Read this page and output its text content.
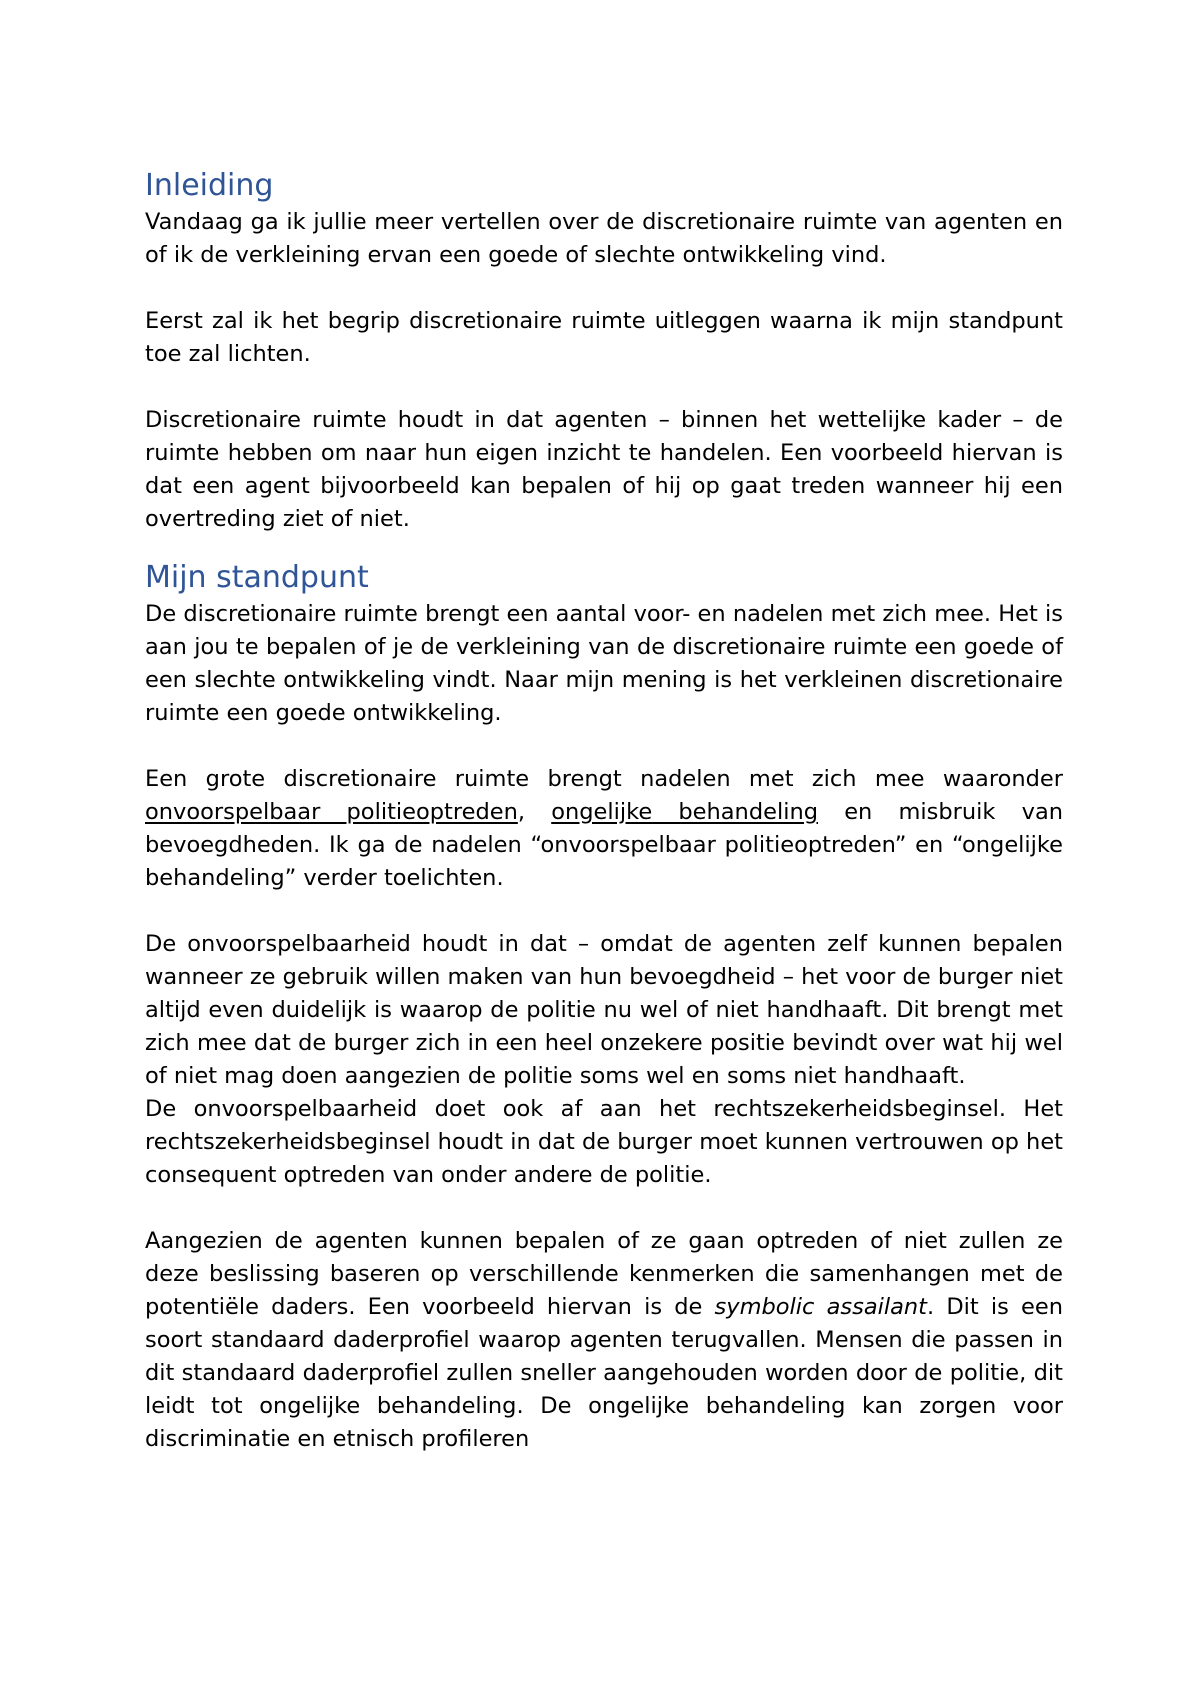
Inleiding

Vandaag ga ik jullie meer vertellen over de discretionaire ruimte van agenten en of ik de verkleining ervan een goede of slechte ontwikkeling vind.

Eerst zal ik het begrip discretionaire ruimte uitleggen waarna ik mijn standpunt toe zal lichten.

Discretionaire ruimte houdt in dat agenten – binnen het wettelijke kader – de ruimte hebben om naar hun eigen inzicht te handelen. Een voorbeeld hiervan is dat een agent bijvoorbeeld kan bepalen of hij op gaat treden wanneer hij een overtreding ziet of niet.

Mijn standpunt

De discretionaire ruimte brengt een aantal voor- en nadelen met zich mee. Het is aan jou te bepalen of je de verkleining van de discretionaire ruimte een goede of een slechte ontwikkeling vindt. Naar mijn mening is het verkleinen discretionaire ruimte een goede ontwikkeling.

Een grote discretionaire ruimte brengt nadelen met zich mee waaronder onvoorspelbaar politieoptreden, ongelijke behandeling en misbruik van bevoegdheden. Ik ga de nadelen “onvoorspelbaar politieoptreden” en “ongelijke behandeling” verder toelichten.

De onvoorspelbaarheid houdt in dat – omdat de agenten zelf kunnen bepalen wanneer ze gebruik willen maken van hun bevoegdheid – het voor de burger niet altijd even duidelijk is waarop de politie nu wel of niet handhaaft. Dit brengt met zich mee dat de burger zich in een heel onzekere positie bevindt over wat hij wel of niet mag doen aangezien de politie soms wel en soms niet handhaaft.

De onvoorspelbaarheid doet ook af aan het rechtszekerheidsbeginsel. Het rechtszekerheidsbeginsel houdt in dat de burger moet kunnen vertrouwen op het consequent optreden van onder andere de politie.

Aangezien de agenten kunnen bepalen of ze gaan optreden of niet zullen ze deze beslissing baseren op verschillende kenmerken die samenhangen met de potentiële daders. Een voorbeeld hiervan is de symbolic assailant. Dit is een soort standaard daderprofiel waarop agenten terugvallen. Mensen die passen in dit standaard daderprofiel zullen sneller aangehouden worden door de politie, dit leidt tot ongelijke behandeling. De ongelijke behandeling kan zorgen voor discriminatie en etnisch profileren
